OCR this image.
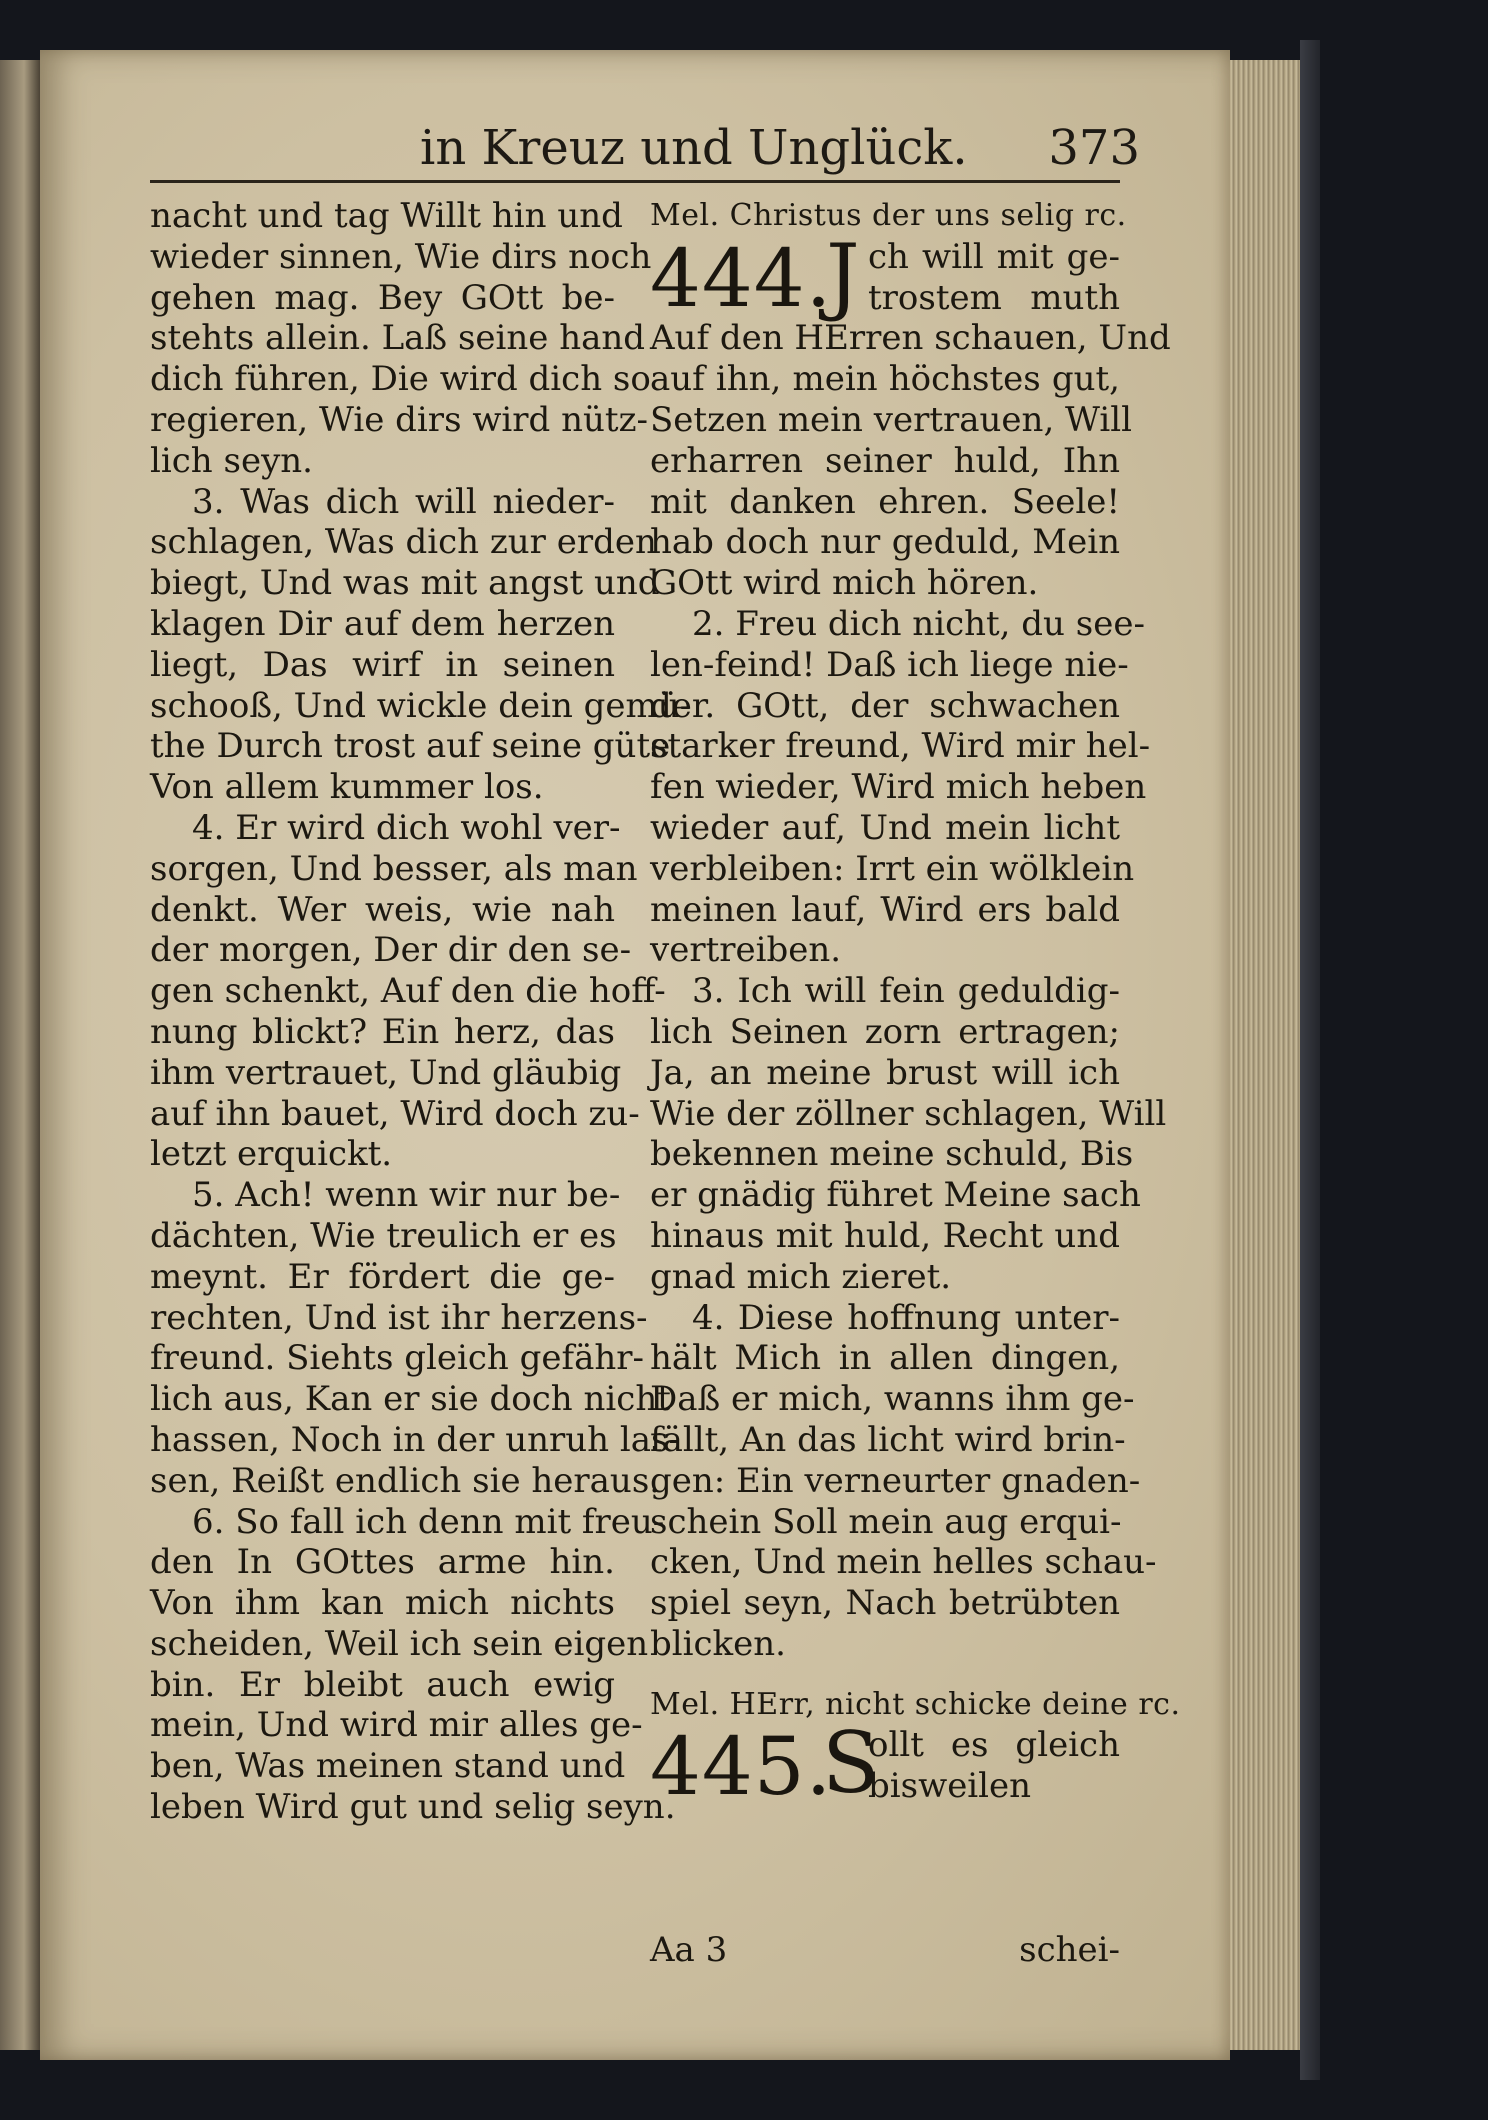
in Kreuz und Unglück.	373
nacht und tag Willt hin und
wieder sinnen, Wie dirs noch
gehen mag. Bey GOtt be-
stehts allein. Laß seine hand
dich führen, Die wird dich so
regieren, Wie dirs wird nütz-
lich seyn.
3. Was dich will nieder-
schlagen, Was dich zur erden
biegt, Und was mit angst und
klagen Dir auf dem herzen
liegt, Das wirf in seinen
schooß, Und wickle dein gemü-
the Durch trost auf seine güte
Von allem kummer los.
4. Er wird dich wohl ver-
sorgen, Und besser, als man
denkt. Wer weis, wie nah
der morgen, Der dir den se-
gen schenkt, Auf den die hoff-
nung blickt? Ein herz, das
ihm vertrauet, Und gläubig
auf ihn bauet, Wird doch zu-
letzt erquickt.
5. Ach! wenn wir nur be-
dächten, Wie treulich er es
meynt. Er fördert die ge-
rechten, Und ist ihr herzens-
freund. Siehts gleich gefähr-
lich aus, Kan er sie doch nicht
hassen, Noch in der unruh las-
sen, Reißt endlich sie heraus.
6. So fall ich denn mit freu-
den In GOttes arme hin.
Von ihm kan mich nichts
scheiden, Weil ich sein eigen
bin. Er bleibt auch ewig
mein, Und wird mir alles ge-
ben, Was meinen stand und
leben Wird gut und selig seyn.
Mel. Christus der uns selig rc.
444.
J ch will mit ge-
trostem muth
Auf den HErren schauen, Und
auf ihn, mein höchstes gut,
Setzen mein vertrauen, Will
erharren seiner huld, Ihn
mit danken ehren. Seele!
hab doch nur geduld, Mein
GOtt wird mich hören.
2. Freu dich nicht, du see-
len-feind! Daß ich liege nie-
der. GOtt, der schwachen
starker freund, Wird mir hel-
fen wieder, Wird mich heben
wieder auf, Und mein licht
verbleiben: Irrt ein wölklein
meinen lauf, Wird ers bald
vertreiben.
3. Ich will fein geduldig-
lich Seinen zorn ertragen;
Ja, an meine brust will ich
Wie der zöllner schlagen, Will
bekennen meine schuld, Bis
er gnädig führet Meine sach
hinaus mit huld, Recht und
gnad mich zieret.
4. Diese hoffnung unter-
hält Mich in allen dingen,
Daß er mich, wanns ihm ge-
fällt, An das licht wird brin-
gen: Ein verneurter gnaden-
schein Soll mein aug erqui-
cken, Und mein helles schau-
spiel seyn, Nach betrübten
blicken.
Mel. HErr, nicht schicke deine rc.
445.
S
ollt es gleich
bisweilen
Aa 3	schei-
